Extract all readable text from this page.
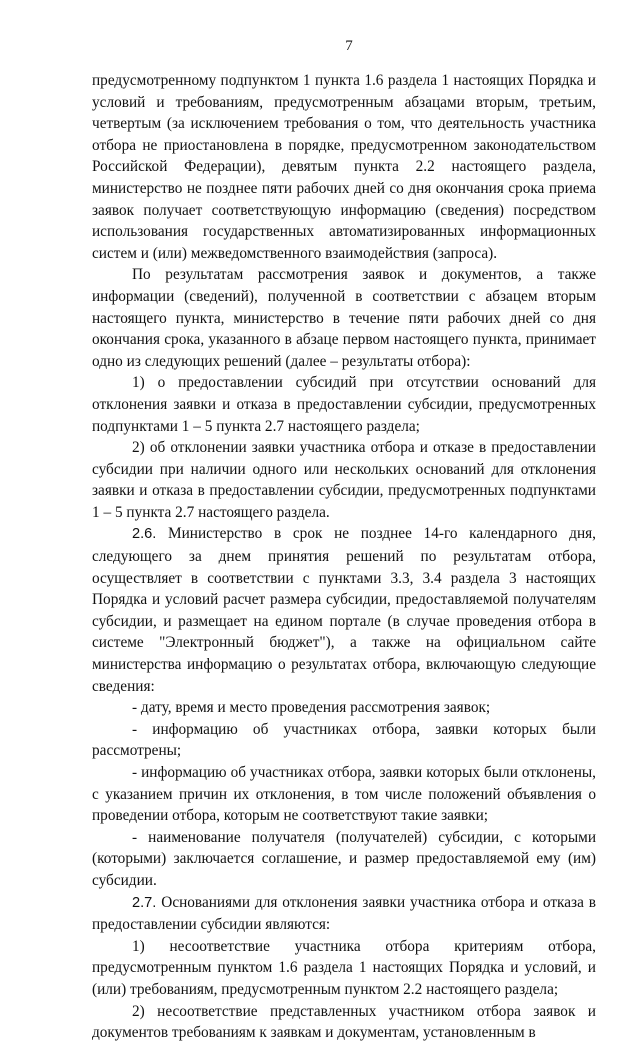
7

предусмотренному подпунктом 1 пункта 1.6 раздела 1 настоящих Порядка и условий и требованиям, предусмотренным абзацами вторым, третьим, четвертым (за исключением требования о том, что деятельность участника отбора не приостановлена в порядке, предусмотренном законодательством Российской Федерации), девятым пункта 2.2 настоящего раздела, министерство не позднее пяти рабочих дней со дня окончания срока приема заявок получает соответствующую информацию (сведения) посредством использования государственных автоматизированных информационных систем и (или) межведомственного взаимодействия (запроса).

По результатам рассмотрения заявок и документов, а также информации (сведений), полученной в соответствии с абзацем вторым настоящего пункта, министерство в течение пяти рабочих дней со дня окончания срока, указанного в абзаце первом настоящего пункта, принимает одно из следующих решений (далее – результаты отбора):

1) о предоставлении субсидий при отсутствии оснований для отклонения заявки и отказа в предоставлении субсидии, предусмотренных подпунктами 1 – 5 пункта 2.7 настоящего раздела;

2) об отклонении заявки участника отбора и отказе в предоставлении субсидии при наличии одного или нескольких оснований для отклонения заявки и отказа в предоставлении субсидии, предусмотренных подпунктами 1 – 5 пункта 2.7 настоящего раздела.

2.6. Министерство в срок не позднее 14-го календарного дня, следующего за днем принятия решений по результатам отбора, осуществляет в соответствии с пунктами 3.3, 3.4 раздела 3 настоящих Порядка и условий расчет размера субсидии, предоставляемой получателям субсидии, и размещает на едином портале (в случае проведения отбора в системе "Электронный бюджет"), а также на официальном сайте министерства информацию о результатах отбора, включающую следующие сведения:

- дату, время и место проведения рассмотрения заявок;

- информацию об участниках отбора, заявки которых были рассмотрены;

- информацию об участниках отбора, заявки которых были отклонены, с указанием причин их отклонения, в том числе положений объявления о проведении отбора, которым не соответствуют такие заявки;

- наименование получателя (получателей) субсидии, с которыми (которыми) заключается соглашение, и размер предоставляемой ему (им) субсидии.

2.7. Основаниями для отклонения заявки участника отбора и отказа в предоставлении субсидии являются:

1) несоответствие участника отбора критериям отбора, предусмотренным пунктом 1.6 раздела 1 настоящих Порядка и условий, и (или) требованиям, предусмотренным пунктом 2.2 настоящего раздела;

2) несоответствие представленных участником отбора заявок и документов требованиям к заявкам и документам, установленным в
